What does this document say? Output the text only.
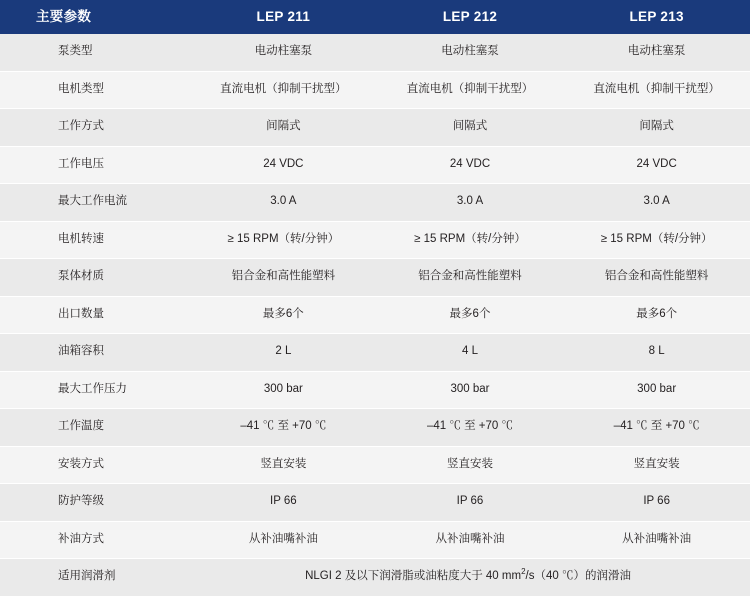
主要参数	LEP 211	LEP 212	LEP 213
泵类型	电动柱塞泵	电动柱塞泵	电动柱塞泵
电机类型	直流电机（抑制干扰型）	直流电机（抑制干扰型）	直流电机（抑制干扰型）
工作方式	间隔式	间隔式	间隔式
工作电压	24 VDC	24 VDC	24 VDC
最大工作电流	3.0 A	3.0 A	3.0 A
电机转速	≥ 15 RPM（转/分钟）	≥ 15 RPM（转/分钟）	≥ 15 RPM（转/分钟）
泵体材质	铝合金和高性能塑料	铝合金和高性能塑料	铝合金和高性能塑料
出口数量	最多6个	最多6个	最多6个
油箱容积	2 L	4 L	8 L
最大工作压力	300 bar	300 bar	300 bar
工作温度	–41 ℃ 至 +70 ℃	–41 ℃ 至 +70 ℃	–41 ℃ 至 +70 ℃
安装方式	竖直安装	竖直安装	竖直安装
防护等级	IP 66	IP 66	IP 66
补油方式	从补油嘴补油	从补油嘴补油	从补油嘴补油
适用润滑剂	NLGI 2 及以下润滑脂或油粘度大于 40 $mm^2/s(40$ ℃）的润滑油		
